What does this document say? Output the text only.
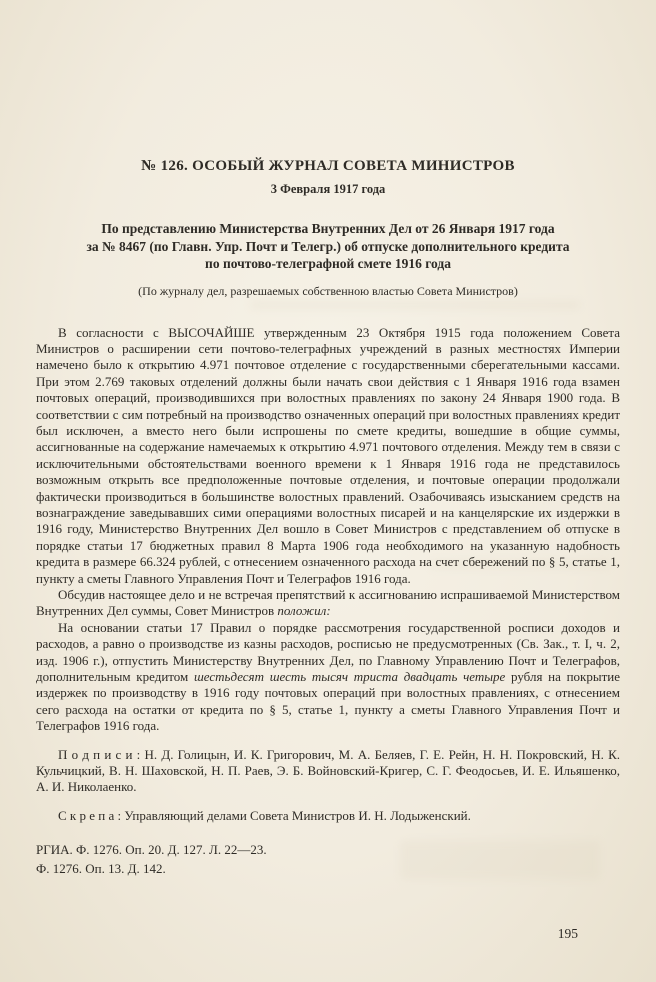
№ 126. ОСОБЫЙ ЖУРНАЛ СОВЕТА МИНИСТРОВ
3 Февраля 1917 года
По представлению Министерства Внутренних Дел от 26 Января 1917 года
за № 8467 (по Главн. Упр. Почт и Телегр.) об отпуске дополнительного кредита
по почтово-телеграфной смете 1916 года
(По журналу дел, разрешаемых собственною властью Совета Министров)

В согласности с ВЫСОЧАЙШЕ утвержденным 23 Октября 1915 года положением Совета Министров о расширении сети почтово-телеграфных учреждений в разных местностях Империи намечено было к открытию 4.971 почтовое отделение с государственными сберегательными кассами. При этом 2.769 таковых отделений должны были начать свои действия с 1 Января 1916 года взамен почтовых операций, производившихся при волостных правлениях по закону 24 Января 1900 года. В соответствии с сим потребный на производство означенных операций при волостных правлениях кредит был исключен, а вместо него были испрошены по смете кредиты, вошедшие в общие суммы, ассигнованные на содержание намечаемых к открытию 4.971 почтового отделения. Между тем в связи с исключительными обстоятельствами военного времени к 1 Января 1916 года не представилось возможным открыть все предположенные почтовые отделения, и почтовые операции продолжали фактически производиться в большинстве волостных правлений. Озабочиваясь изысканием средств на вознаграждение заведывавших сими операциями волостных писарей и на канцелярские их издержки в 1916 году, Министерство Внутренних Дел вошло в Совет Министров с представлением об отпуске в порядке статьи 17 бюджетных правил 8 Марта 1906 года необходимого на указанную надобность кредита в размере 66.324 рублей, с отнесением означенного расхода на счет сбережений по § 5, статье 1, пункту а сметы Главного Управления Почт и Телеграфов 1916 года.

Обсудив настоящее дело и не встречая препятствий к ассигнованию испрашиваемой Министерством Внутренних Дел суммы, Совет Министров положил:

На основании статьи 17 Правил о порядке рассмотрения государственной росписи доходов и расходов, а равно о производстве из казны расходов, росписью не предусмотренных (Св. Зак., т. I, ч. 2, изд. 1906 г.), отпустить Министерству Внутренних Дел, по Главному Управлению Почт и Телеграфов, дополнительным кредитом шестьдесят шесть тысяч триста двадцать четыре рубля на покрытие издержек по производству в 1916 году почтовых операций при волостных правлениях, с отнесением сего расхода на остатки от кредита по § 5, статье 1, пункту а сметы Главного Управления Почт и Телеграфов 1916 года.

П о д п и с и : Н. Д. Голицын, И. К. Григорович, М. А. Беляев, Г. Е. Рейн, Н. Н. Покровский, Н. К. Кульчицкий, В. Н. Шаховской, Н. П. Раев, Э. Б. Войновский-Кригер, С. Г. Феодосьев, И. Е. Ильяшенко, А. И. Николаенко.

С к р е п а : Управляющий делами Совета Министров И. Н. Лодыженский.

РГИА. Ф. 1276. Оп. 20. Д. 127. Л. 22—23.
Ф. 1276. Оп. 13. Д. 142.
195
